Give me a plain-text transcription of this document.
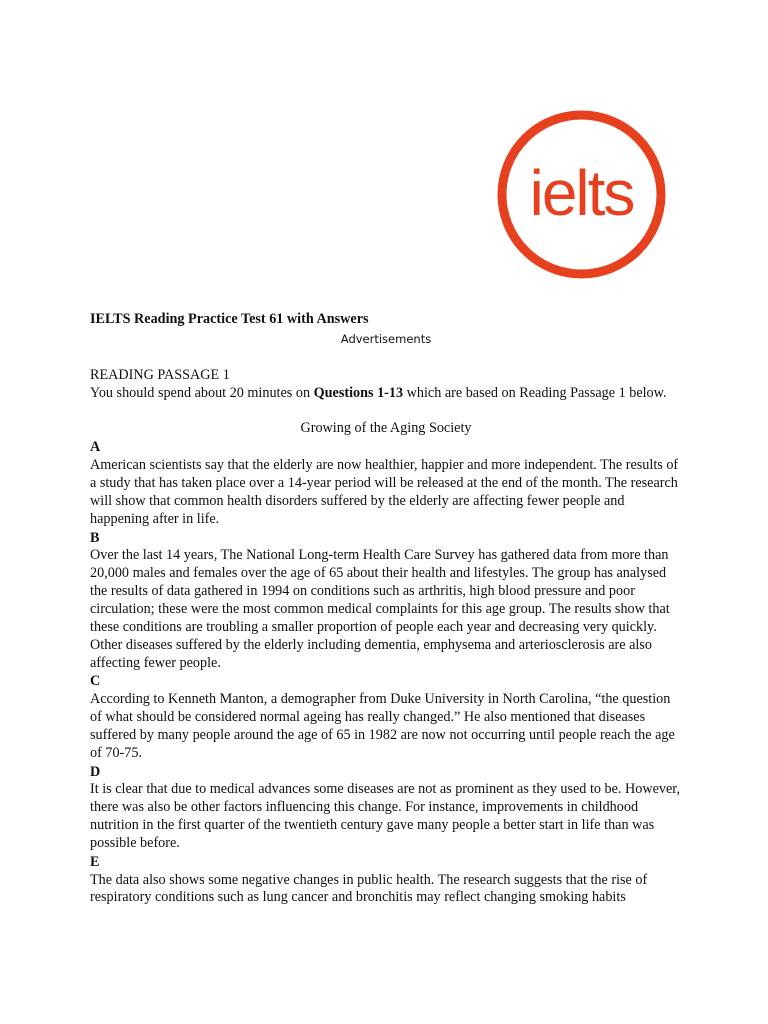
ielts

IELTS Reading Practice Test 61 with Answers

Advertisements

READING PASSAGE 1

You should spend about 20 minutes on Questions 1-13 which are based on Reading Passage 1 below.

Growing of the Aging Society

A

American scientists say that the elderly are now healthier, happier and more independent. The results of a study that has taken place over a 14-year period will be released at the end of the month. The research will show that common health disorders suffered by the elderly are affecting fewer people and happening after in life.

B

Over the last 14 years, The National Long-term Health Care Survey has gathered data from more than 20,000 males and females over the age of 65 about their health and lifestyles. The group has analysed the results of data gathered in 1994 on conditions such as arthritis, high blood pressure and poor circulation; these were the most common medical complaints for this age group. The results show that these conditions are troubling a smaller proportion of people each year and decreasing very quickly. Other diseases suffered by the elderly including dementia, emphysema and arteriosclerosis are also affecting fewer people.

C

According to Kenneth Manton, a demographer from Duke University in North Carolina, “the question of what should be considered normal ageing has really changed.” He also mentioned that diseases suffered by many people around the age of 65 in 1982 are now not occurring until people reach the age of 70-75.

D

It is clear that due to medical advances some diseases are not as prominent as they used to be. However, there was also be other factors influencing this change. For instance, improvements in childhood nutrition in the first quarter of the twentieth century gave many people a better start in life than was possible before.

E

The data also shows some negative changes in public health. The research suggests that the rise of respiratory conditions such as lung cancer and bronchitis may reflect changing smoking habits
